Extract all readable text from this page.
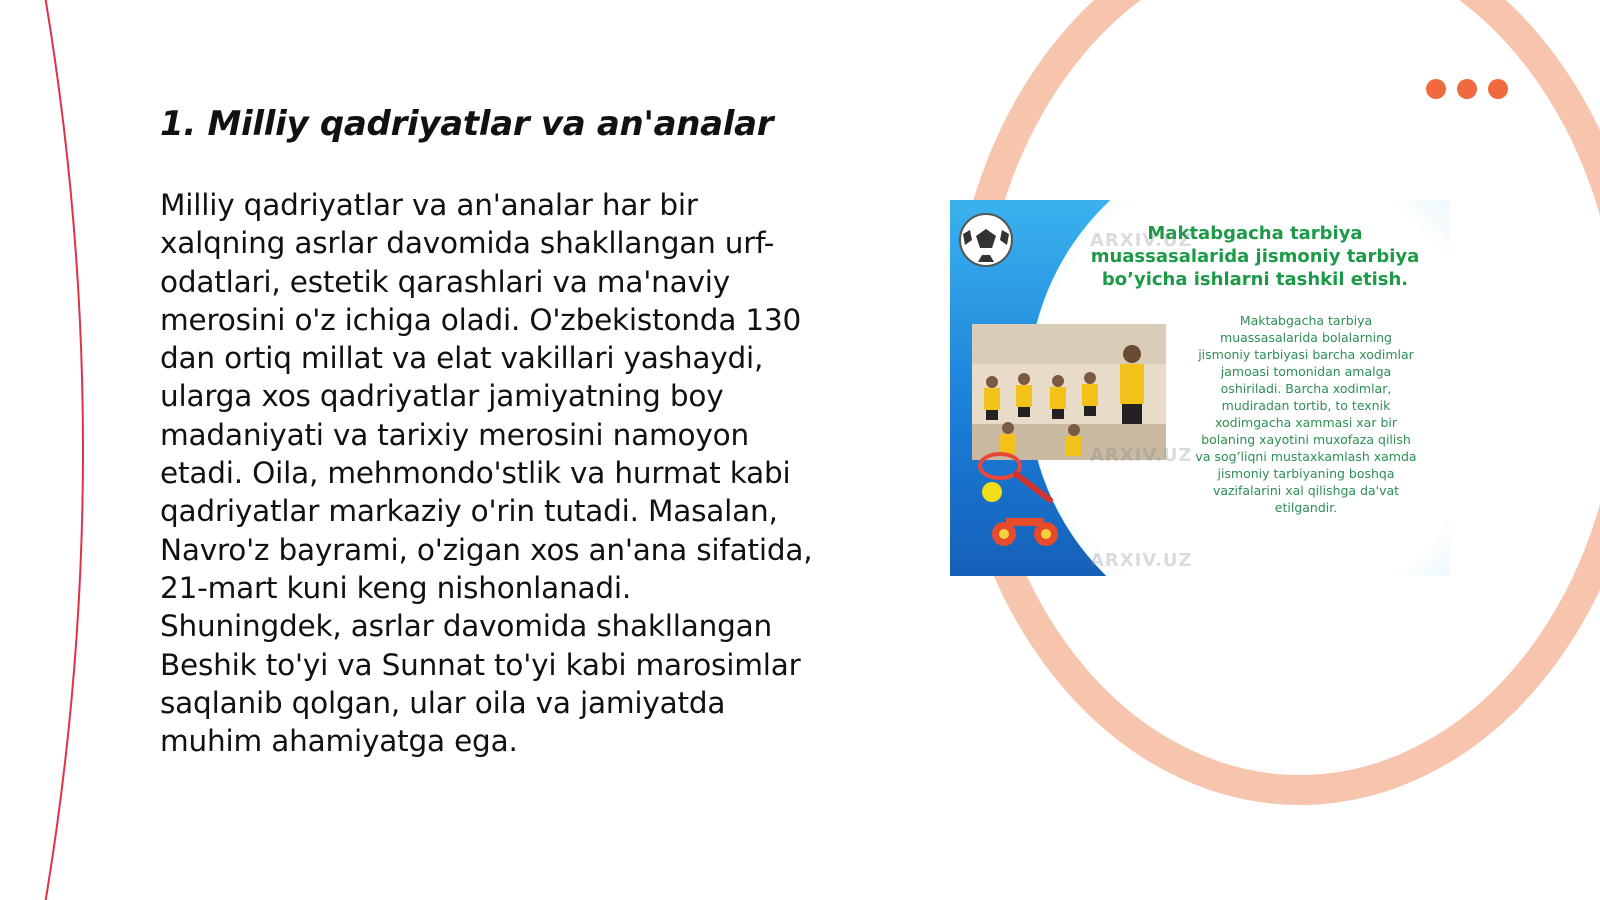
1. Milliy qadriyatlar va an'analar

Milliy qadriyatlar va an'analar har bir
xalqning asrlar davomida shakllangan urf-
odatlari, estetik qarashlari va ma'naviy
merosini o'z ichiga oladi. O'zbekistonda 130
dan ortiq millat va elat vakillari yashaydi,
ularga xos qadriyatlar jamiyatning boy
madaniyati va tarixiy merosini namoyon
etadi. Oila, mehmondo'stlik va hurmat kabi
qadriyatlar markaziy o'rin tutadi. Masalan,
Navro'z bayrami, o'zigan xos an'ana sifatida,
21-mart kuni keng nishonlanadi.
Shuningdek, asrlar davomida shakllangan
Beshik to'yi va Sunnat to'yi kabi marosimlar
saqlanib qolgan, ular oila va jamiyatda
muhim ahamiyatga ega.

Maktabgacha tarbiya
muassasalarida jismoniy tarbiya
bo’yicha ishlarni tashkil etish.
Maktabgacha tarbiya
muassasalarida bolalarning
jismoniy tarbiyasi barcha xodimlar
jamoasi tomonidan amalga
oshiriladi. Barcha xodimlar,
mudiradan tortib, to texnik
xodimgacha xammasi xar bir
bolaning xayotini muxofaza qilish
va sog’liqni mustaxkamlash xamda
jismoniy tarbiyaning boshqa
vazifalarini xal qilishga da'vat
etilgandir.
ARXIV.UZ
ARXIV.UZ
ARXIV.UZ
